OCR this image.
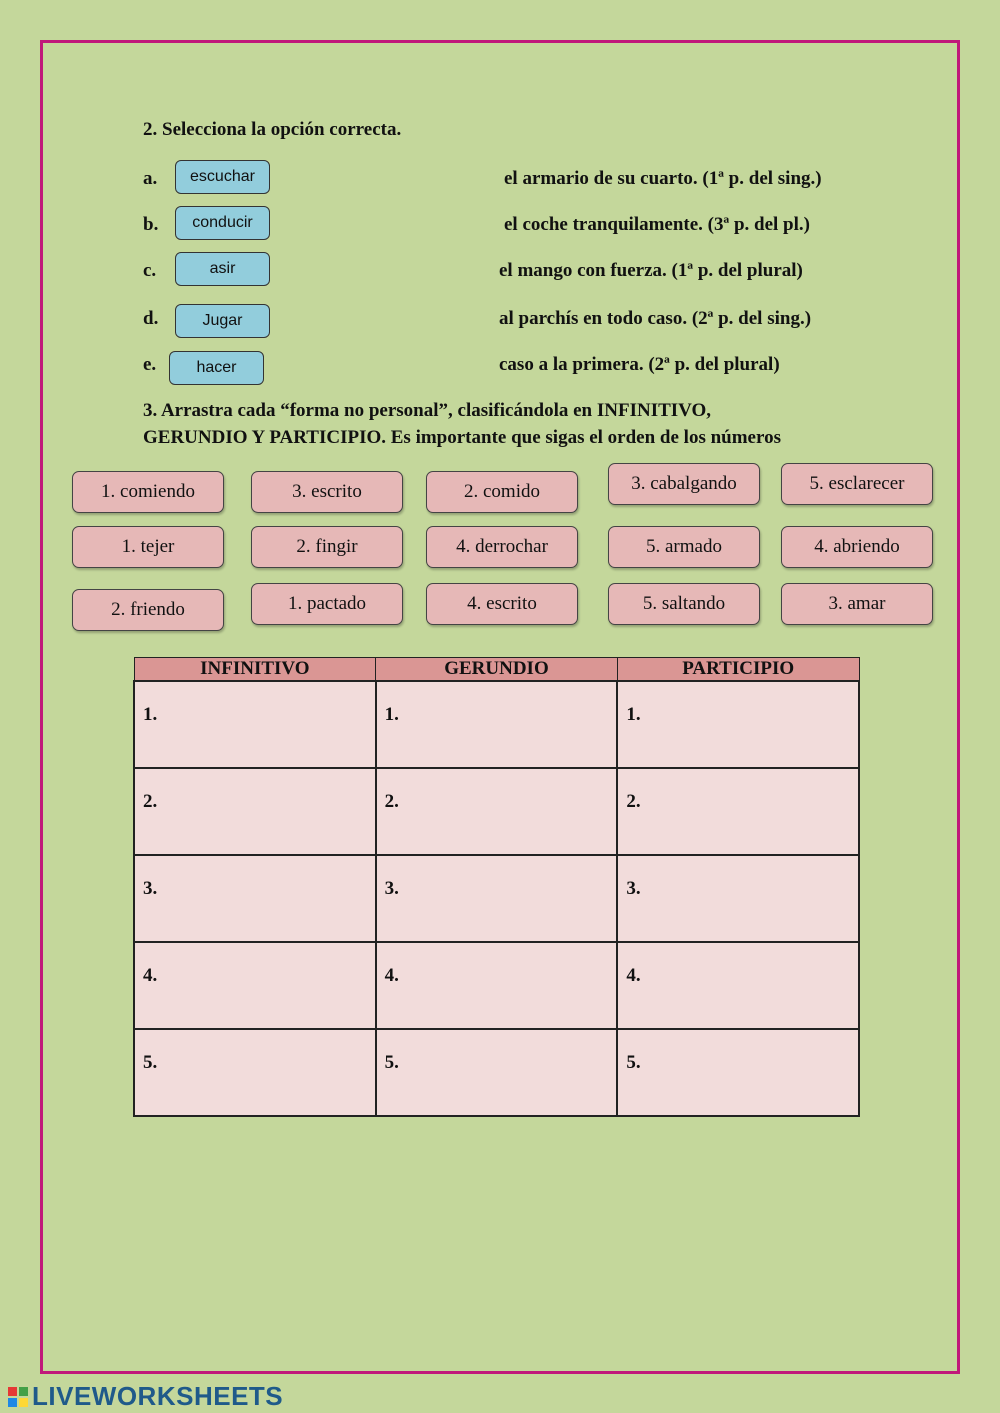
2. Selecciona la opción correcta.
a.	escuchar	el armario de su cuarto. (1ª p. del sing.)
b.	conducir	el coche tranquilamente. (3ª p. del pl.)
c.	asir	el mango con fuerza. (1ª p. del plural)
d.	Jugar	al parchís en todo caso. (2ª p. del sing.)
e.	hacer	caso a la primera. (2ª p. del plural)
3. Arrastra cada “forma no personal”, clasificándola en INFINITIVO,
GERUNDIO Y PARTICIPIO. Es importante que sigas el orden de los números
1. comiendo	3. escrito	2. comido	3. cabalgando	5. esclarecer
1. tejer	2. fingir	4. derrochar	5. armado	4. abriendo
2. friendo	1. pactado	4. escrito	5. saltando	3. amar
INFINITIVO	GERUNDIO	PARTICIPIO

1.	1.	1.

2.	2.	2.

3.	3.	3.

4.	4.	4.

5.	5.	5.
LIVEWORKSHEETS
